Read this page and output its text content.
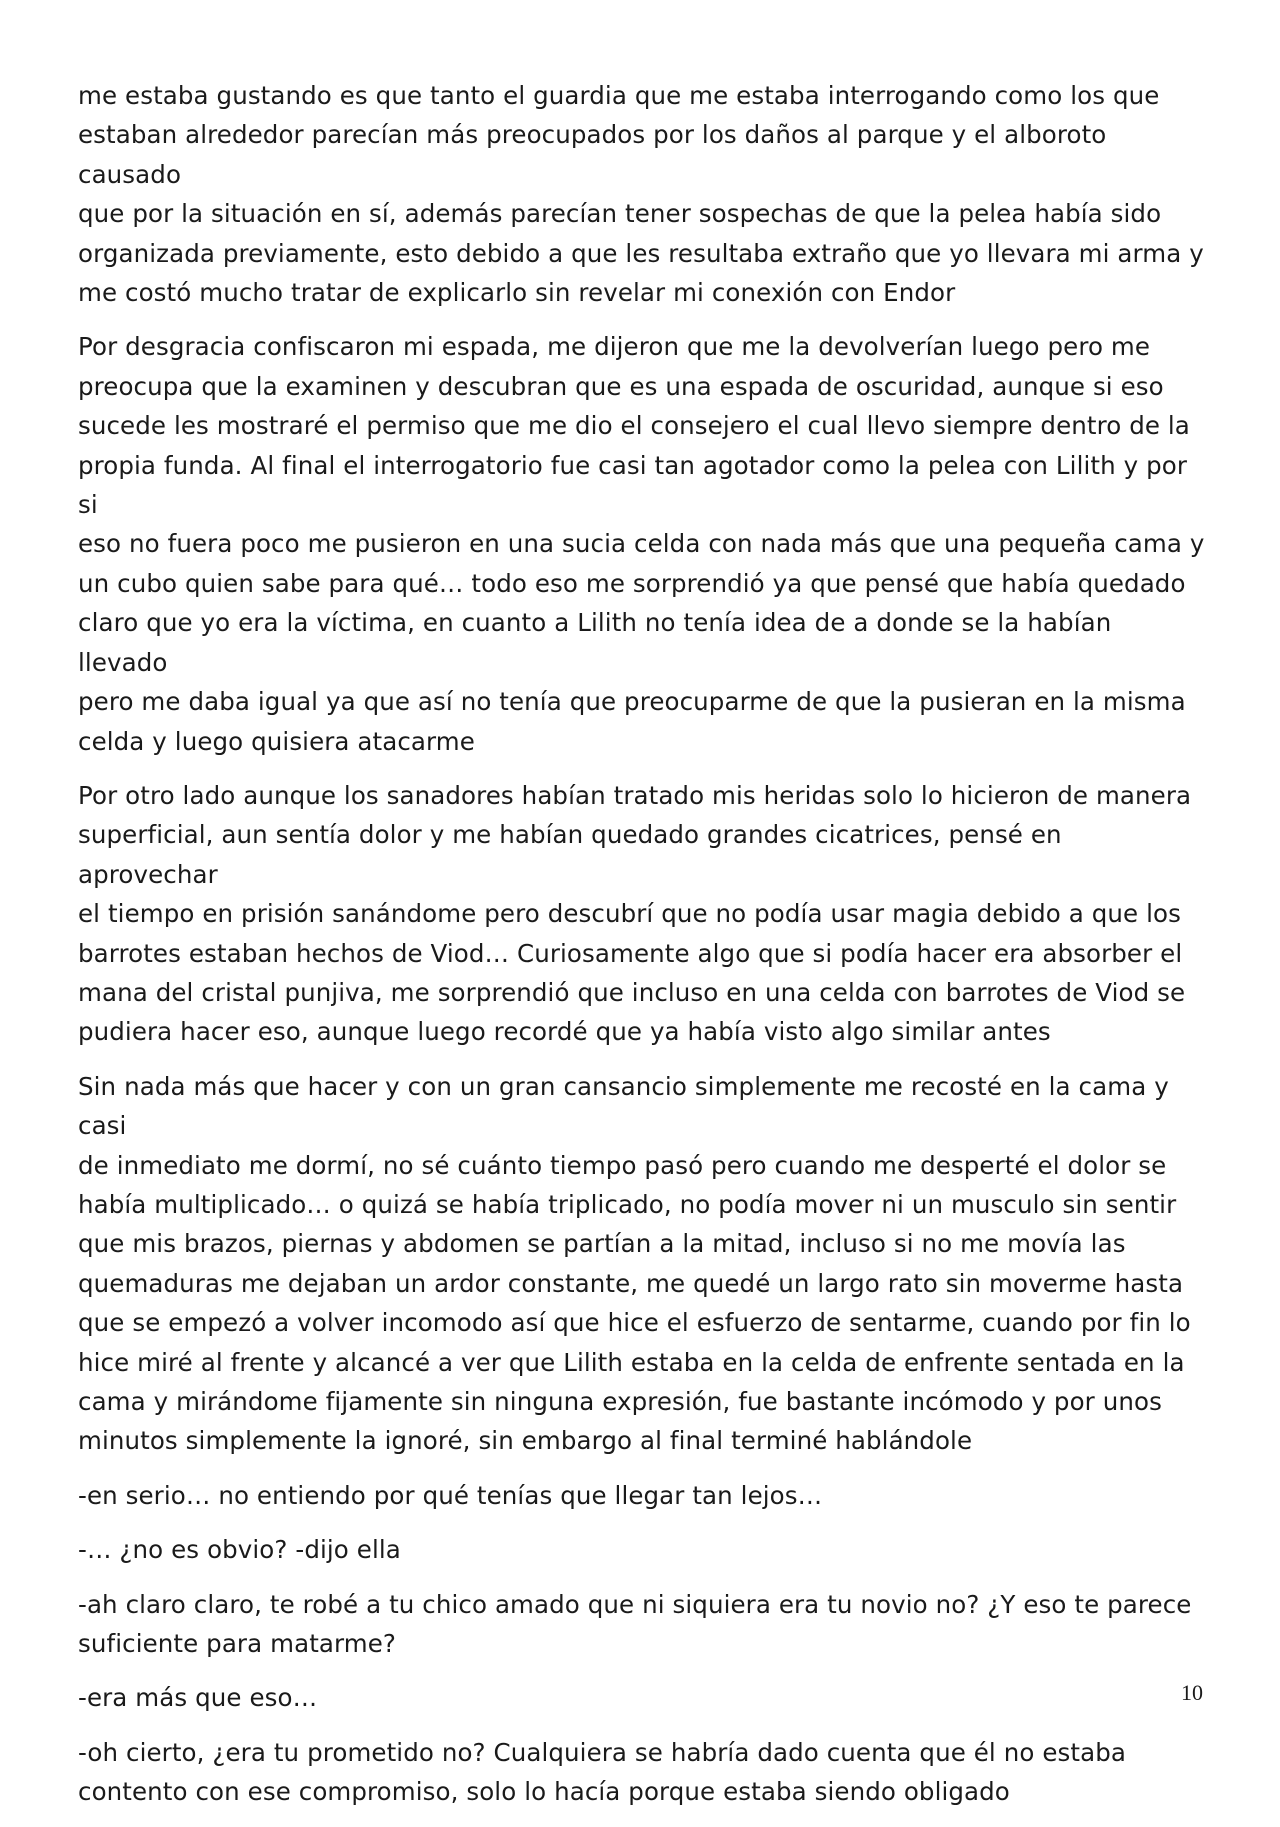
me estaba gustando es que tanto el guardia que me estaba interrogando como los que
estaban alrededor parecían más preocupados por los daños al parque y el alboroto causado
que por la situación en sí, además parecían tener sospechas de que la pelea había sido
organizada previamente, esto debido a que les resultaba extraño que yo llevara mi arma y
me costó mucho tratar de explicarlo sin revelar mi conexión con Endor

Por desgracia confiscaron mi espada, me dijeron que me la devolverían luego pero me
preocupa que la examinen y descubran que es una espada de oscuridad, aunque si eso
sucede les mostraré el permiso que me dio el consejero el cual llevo siempre dentro de la
propia funda. Al final el interrogatorio fue casi tan agotador como la pelea con Lilith y por si
eso no fuera poco me pusieron en una sucia celda con nada más que una pequeña cama y
un cubo quien sabe para qué… todo eso me sorprendió ya que pensé que había quedado
claro que yo era la víctima, en cuanto a Lilith no tenía idea de a donde se la habían llevado
pero me daba igual ya que así no tenía que preocuparme de que la pusieran en la misma
celda y luego quisiera atacarme

Por otro lado aunque los sanadores habían tratado mis heridas solo lo hicieron de manera
superficial, aun sentía dolor y me habían quedado grandes cicatrices, pensé en aprovechar
el tiempo en prisión sanándome pero descubrí que no podía usar magia debido a que los
barrotes estaban hechos de Viod… Curiosamente algo que si podía hacer era absorber el
mana del cristal punjiva, me sorprendió que incluso en una celda con barrotes de Viod se
pudiera hacer eso, aunque luego recordé que ya había visto algo similar antes

Sin nada más que hacer y con un gran cansancio simplemente me recosté en la cama y casi
de inmediato me dormí, no sé cuánto tiempo pasó pero cuando me desperté el dolor se
había multiplicado… o quizá se había triplicado, no podía mover ni un musculo sin sentir
que mis brazos, piernas y abdomen se partían a la mitad, incluso si no me movía las
quemaduras me dejaban un ardor constante, me quedé un largo rato sin moverme hasta
que se empezó a volver incomodo así que hice el esfuerzo de sentarme, cuando por fin lo
hice miré al frente y alcancé a ver que Lilith estaba en la celda de enfrente sentada en la
cama y mirándome fijamente sin ninguna expresión, fue bastante incómodo y por unos
minutos simplemente la ignoré, sin embargo al final terminé hablándole

-en serio… no entiendo por qué tenías que llegar tan lejos…

-… ¿no es obvio? -dijo ella

-ah claro claro, te robé a tu chico amado que ni siquiera era tu novio no? ¿Y eso te parece
suficiente para matarme?

-era más que eso…

-oh cierto, ¿era tu prometido no? Cualquiera se habría dado cuenta que él no estaba
contento con ese compromiso, solo lo hacía porque estaba siendo obligado

10
